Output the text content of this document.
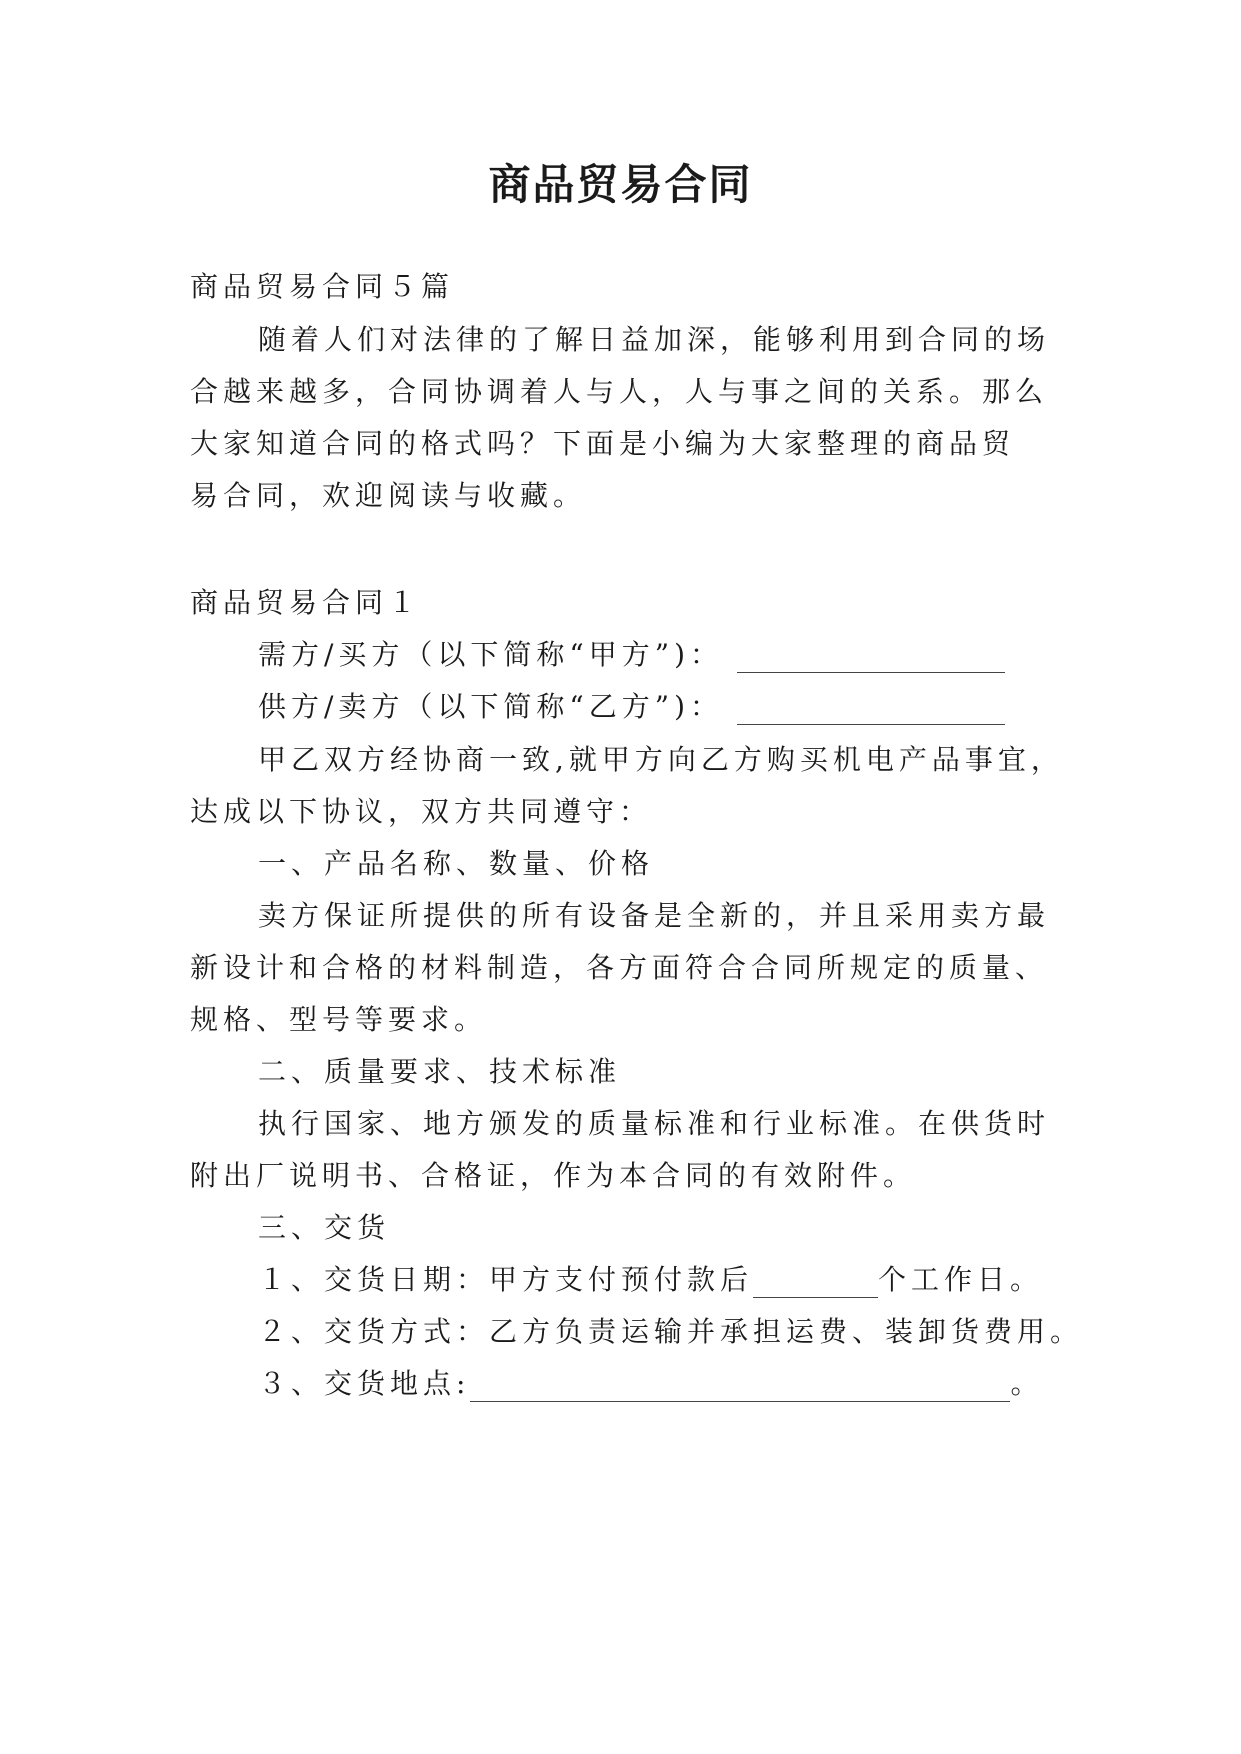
商品贸易合同
商品贸易合同５篇
随着人们对法律的了解日益加深，能够利用到合同的场
合越来越多，合同协调着人与人，人与事之间的关系。那么
大家知道合同的格式吗？下面是小编为大家整理的商品贸
易合同，欢迎阅读与收藏。
商品贸易合同１
需方/买方（以下简称“甲方”)：
供方/卖方（以下简称“乙方”)：
甲乙双方经协商一致,就甲方向乙方购买机电产品事宜，
达成以下协议，双方共同遵守：
一、产品名称、数量、价格
卖方保证所提供的所有设备是全新的，并且采用卖方最
新设计和合格的材料制造，各方面符合合同所规定的质量、
规格、型号等要求。
二、质量要求、技术标准
执行国家、地方颁发的质量标准和行业标准。在供货时
附出厂说明书、合格证，作为本合同的有效附件。
三、交货
１、交货日期：甲方支付预付款后	个工作日。
２、交货方式：乙方负责运输并承担运费、装卸货费用。
３、交货地点:	。
